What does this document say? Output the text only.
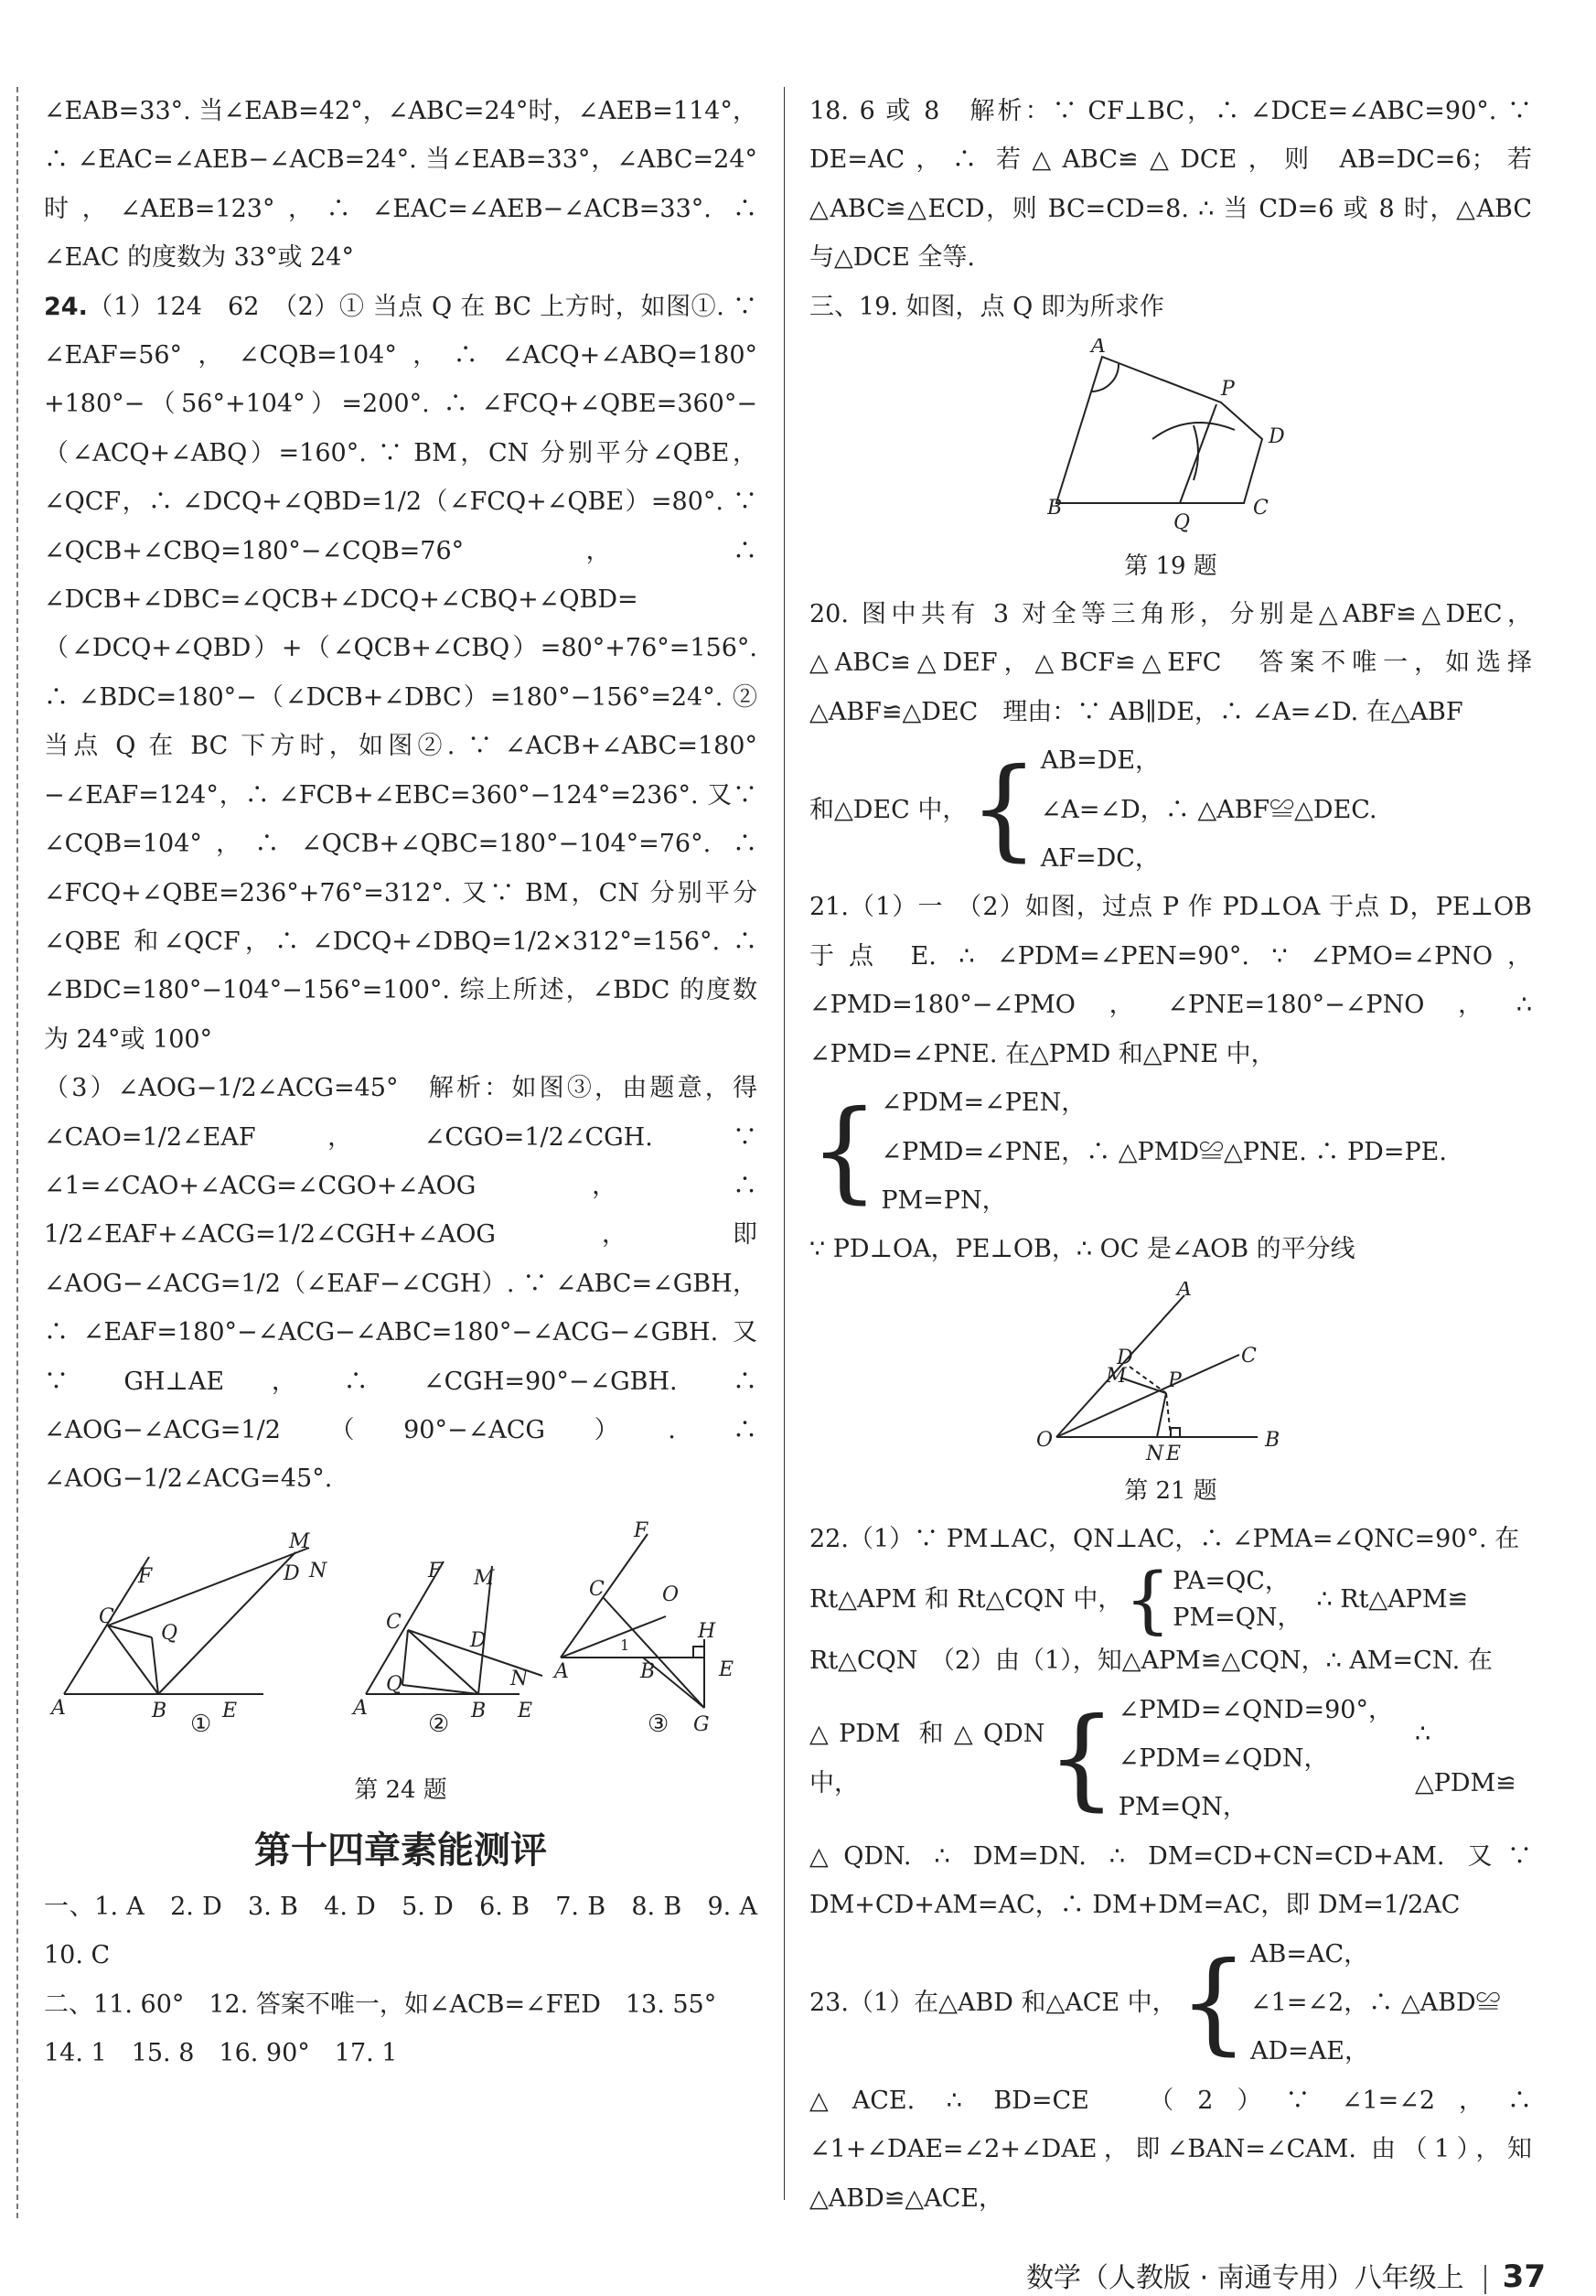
∠EAB=33°. 当∠EAB=42°，∠ABC=24°时，∠AEB=114°，∴ ∠EAC=∠AEB−∠ACB=24°. 当∠EAB=33°，∠ABC=24°时，∠AEB=123°，∴ ∠EAC=∠AEB−∠ACB=33°. ∴ ∠EAC 的度数为 33°或 24°

24.（1）124　62　（2）① 当点 Q 在 BC 上方时，如图①. ∵ ∠EAF=56°，∠CQB=104°，∴ ∠ACQ+∠ABQ=180°+180°−（56°+104°）=200°. ∴ ∠FCQ+∠QBE=360°−（∠ACQ+∠ABQ）=160°. ∵ BM，CN 分别平分∠QBE，∠QCF，∴ ∠DCQ+∠QBD=1/2（∠FCQ+∠QBE）=80°. ∵ ∠QCB+∠CBQ=180°−∠CQB=76°，∴ ∠DCB+∠DBC=∠QCB+∠DCQ+∠CBQ+∠QBD=（∠DCQ+∠QBD）+（∠QCB+∠CBQ）=80°+76°=156°. ∴ ∠BDC=180°−（∠DCB+∠DBC）=180°−156°=24°. ② 当点 Q 在 BC 下方时，如图②. ∵ ∠ACB+∠ABC=180°−∠EAF=124°，∴ ∠FCB+∠EBC=360°−124°=236°. 又∵ ∠CQB=104°，∴ ∠QCB+∠QBC=180°−104°=76°. ∴ ∠FCQ+∠QBE=236°+76°=312°. 又∵ BM，CN 分别平分∠QBE 和∠QCF，∴ ∠DCQ+∠DBQ=1/2×312°=156°. ∴ ∠BDC=180°−104°−156°=100°. 综上所述，∠BDC 的度数为 24°或 100°

（3）∠AOG−1/2∠ACG=45°　解析：如图③，由题意，得∠CAO=1/2∠EAF，∠CGO=1/2∠CGH. ∵ ∠1=∠CAO+∠ACG=∠CGO+∠AOG，∴ 1/2∠EAF+∠ACG=1/2∠CGH+∠AOG，即 ∠AOG−∠ACG=1/2（∠EAF−∠CGH）. ∵ ∠ABC=∠GBH，∴ ∠EAF=180°−∠ACG−∠ABC=180°−∠ACG−∠GBH. 又∵ GH⊥AE，∴ ∠CGH=90°−∠GBH. ∴ ∠AOG−∠ACG=1/2（90°−∠ACG）. ∴ ∠AOG−1/2∠ACG=45°.

A	B	E
C
F
Q
M
D N
A	B E
C
F M
D
N
Q
A	B	E
C
F
O
H
G
1
①	②	③
第 24 题
第十四章素能测评

一、1. A　2. D　3. B　4. D　5. D　6. B　7. B　8. B　9. A　10. C

二、11. 60°　12. 答案不唯一，如∠ACB=∠FED　13. 55°

14. 1　15. 8　16. 90°　17. 1

18. 6 或 8　解析：∵ CF⊥BC，∴ ∠DCE=∠ABC=90°. ∵ DE=AC，∴ 若△ABC≌△DCE，则 AB=DC=6；若△ABC≌△ECD，则 BC=CD=8. ∴ 当 CD=6 或 8 时，△ABC 与△DCE 全等.

三、19. 如图，点 Q 即为所求作

A
P
D
C
B
Q
第 19 题

20. 图中共有 3 对全等三角形，分别是△ABF≌△DEC，△ABC≌△DEF，△BCF≌△EFC　答案不唯一，如选择△ABF≌△DEC　理由：∵ AB∥DE，∴ ∠A=∠D. 在△ABF

和△DEC 中， { AB=DE，
∠A=∠D，∴ △ABF≌△DEC.
AF=DC，

21.（1）一　（2）如图，过点 P 作 PD⊥OA 于点 D，PE⊥OB 于点 E. ∴ ∠PDM=∠PEN=90°. ∵ ∠PMO=∠PNO，∠PMD=180°−∠PMO，∠PNE=180°−∠PNO，∴ ∠PMD=∠PNE. 在△PMD 和△PNE 中，

{ ∠PDM=∠PEN，
∠PMD=∠PNE，∴ △PMD≌△PNE. ∴ PD=PE.
PM=PN，

∵ PD⊥OA，PE⊥OB，∴ OC 是∠AOB 的平分线

A
C
B
O
D
M P
N E
第 21 题

22.（1）∵ PM⊥AC，QN⊥AC，∴ ∠PMA=∠QNC=90°. 在

Rt△APM 和 Rt△CQN 中， { PA=QC，
PM=QN，
∴ Rt△APM≌

Rt△CQN　（2）由（1），知△APM≌△CQN，∴ AM=CN. 在

△PDM 和△QDN 中，	{ ∠PMD=∠QND=90°，
∠PDM=∠QDN，
PM=QN，
∴ △PDM≌

△QDN. ∴ DM=DN. ∴ DM=CD+CN=CD+AM. 又∵ DM+CD+AM=AC，∴ DM+DM=AC，即 DM=1/2AC

23.（1）在△ABD 和△ACE 中， { AB=AC，
∠1=∠2，∴ △ABD≌
AD=AE，

△ACE. ∴ BD=CE　（2）∵ ∠1=∠2，∴ ∠1+∠DAE=∠2+∠DAE，即∠BAN=∠CAM. 由（1），知△ABD≌△ACE，

数学（人教版 · 南通专用）八年级上 37
